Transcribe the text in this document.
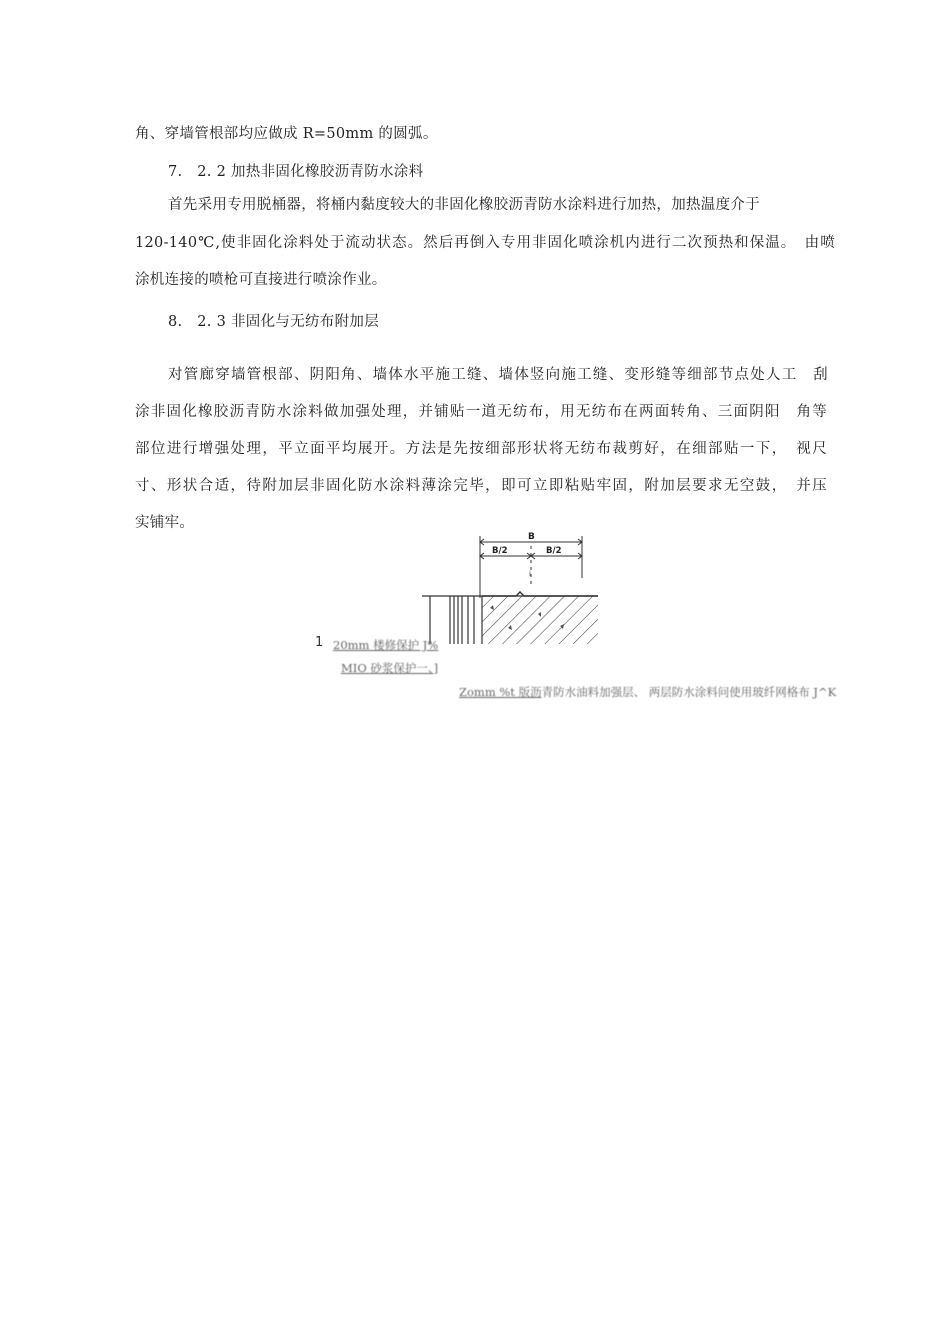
角、穿墙管根部均应做成 R=50mm 的圆弧。
7.　2. 2 加热非固化橡胶沥青防水涂料
首先采用专用脱桶器，将桶内黏度较大的非固化橡胶沥青防水涂料进行加热，加热温度介于
120-140℃,使非固化涂料处于流动状态。然后再倒入专用非固化喷涂机内进行二次预热和保温。　由喷
涂机连接的喷枪可直接进行喷涂作业。
8.　2. 3 非固化与无纺布附加层
对管廊穿墙管根部、阴阳角、墙体水平施工缝、墙体竖向施工缝、变形缝等细部节点处人工　刮
涂非固化橡胶沥青防水涂料做加强处理，并铺贴一道无纺布，用无纺布在两面转角、三面阴阳　角等
部位进行增强处理，平立面平均展开。方法是先按细部形状将无纺布裁剪好，在细部贴一下，　视尺
寸、形状合适，待附加层非固化防水涂料薄涂完毕，即可立即粘贴牢固，附加层要求无空鼓，　并压
实铺牢。
B
B/2	B/2
i
1 20mm 楼修保护 J%
MIO 砂浆保护一、]
Zomm %t 版沥青防水油料加强层、 两层防水涂料问使用玻纤网格布 J^K
